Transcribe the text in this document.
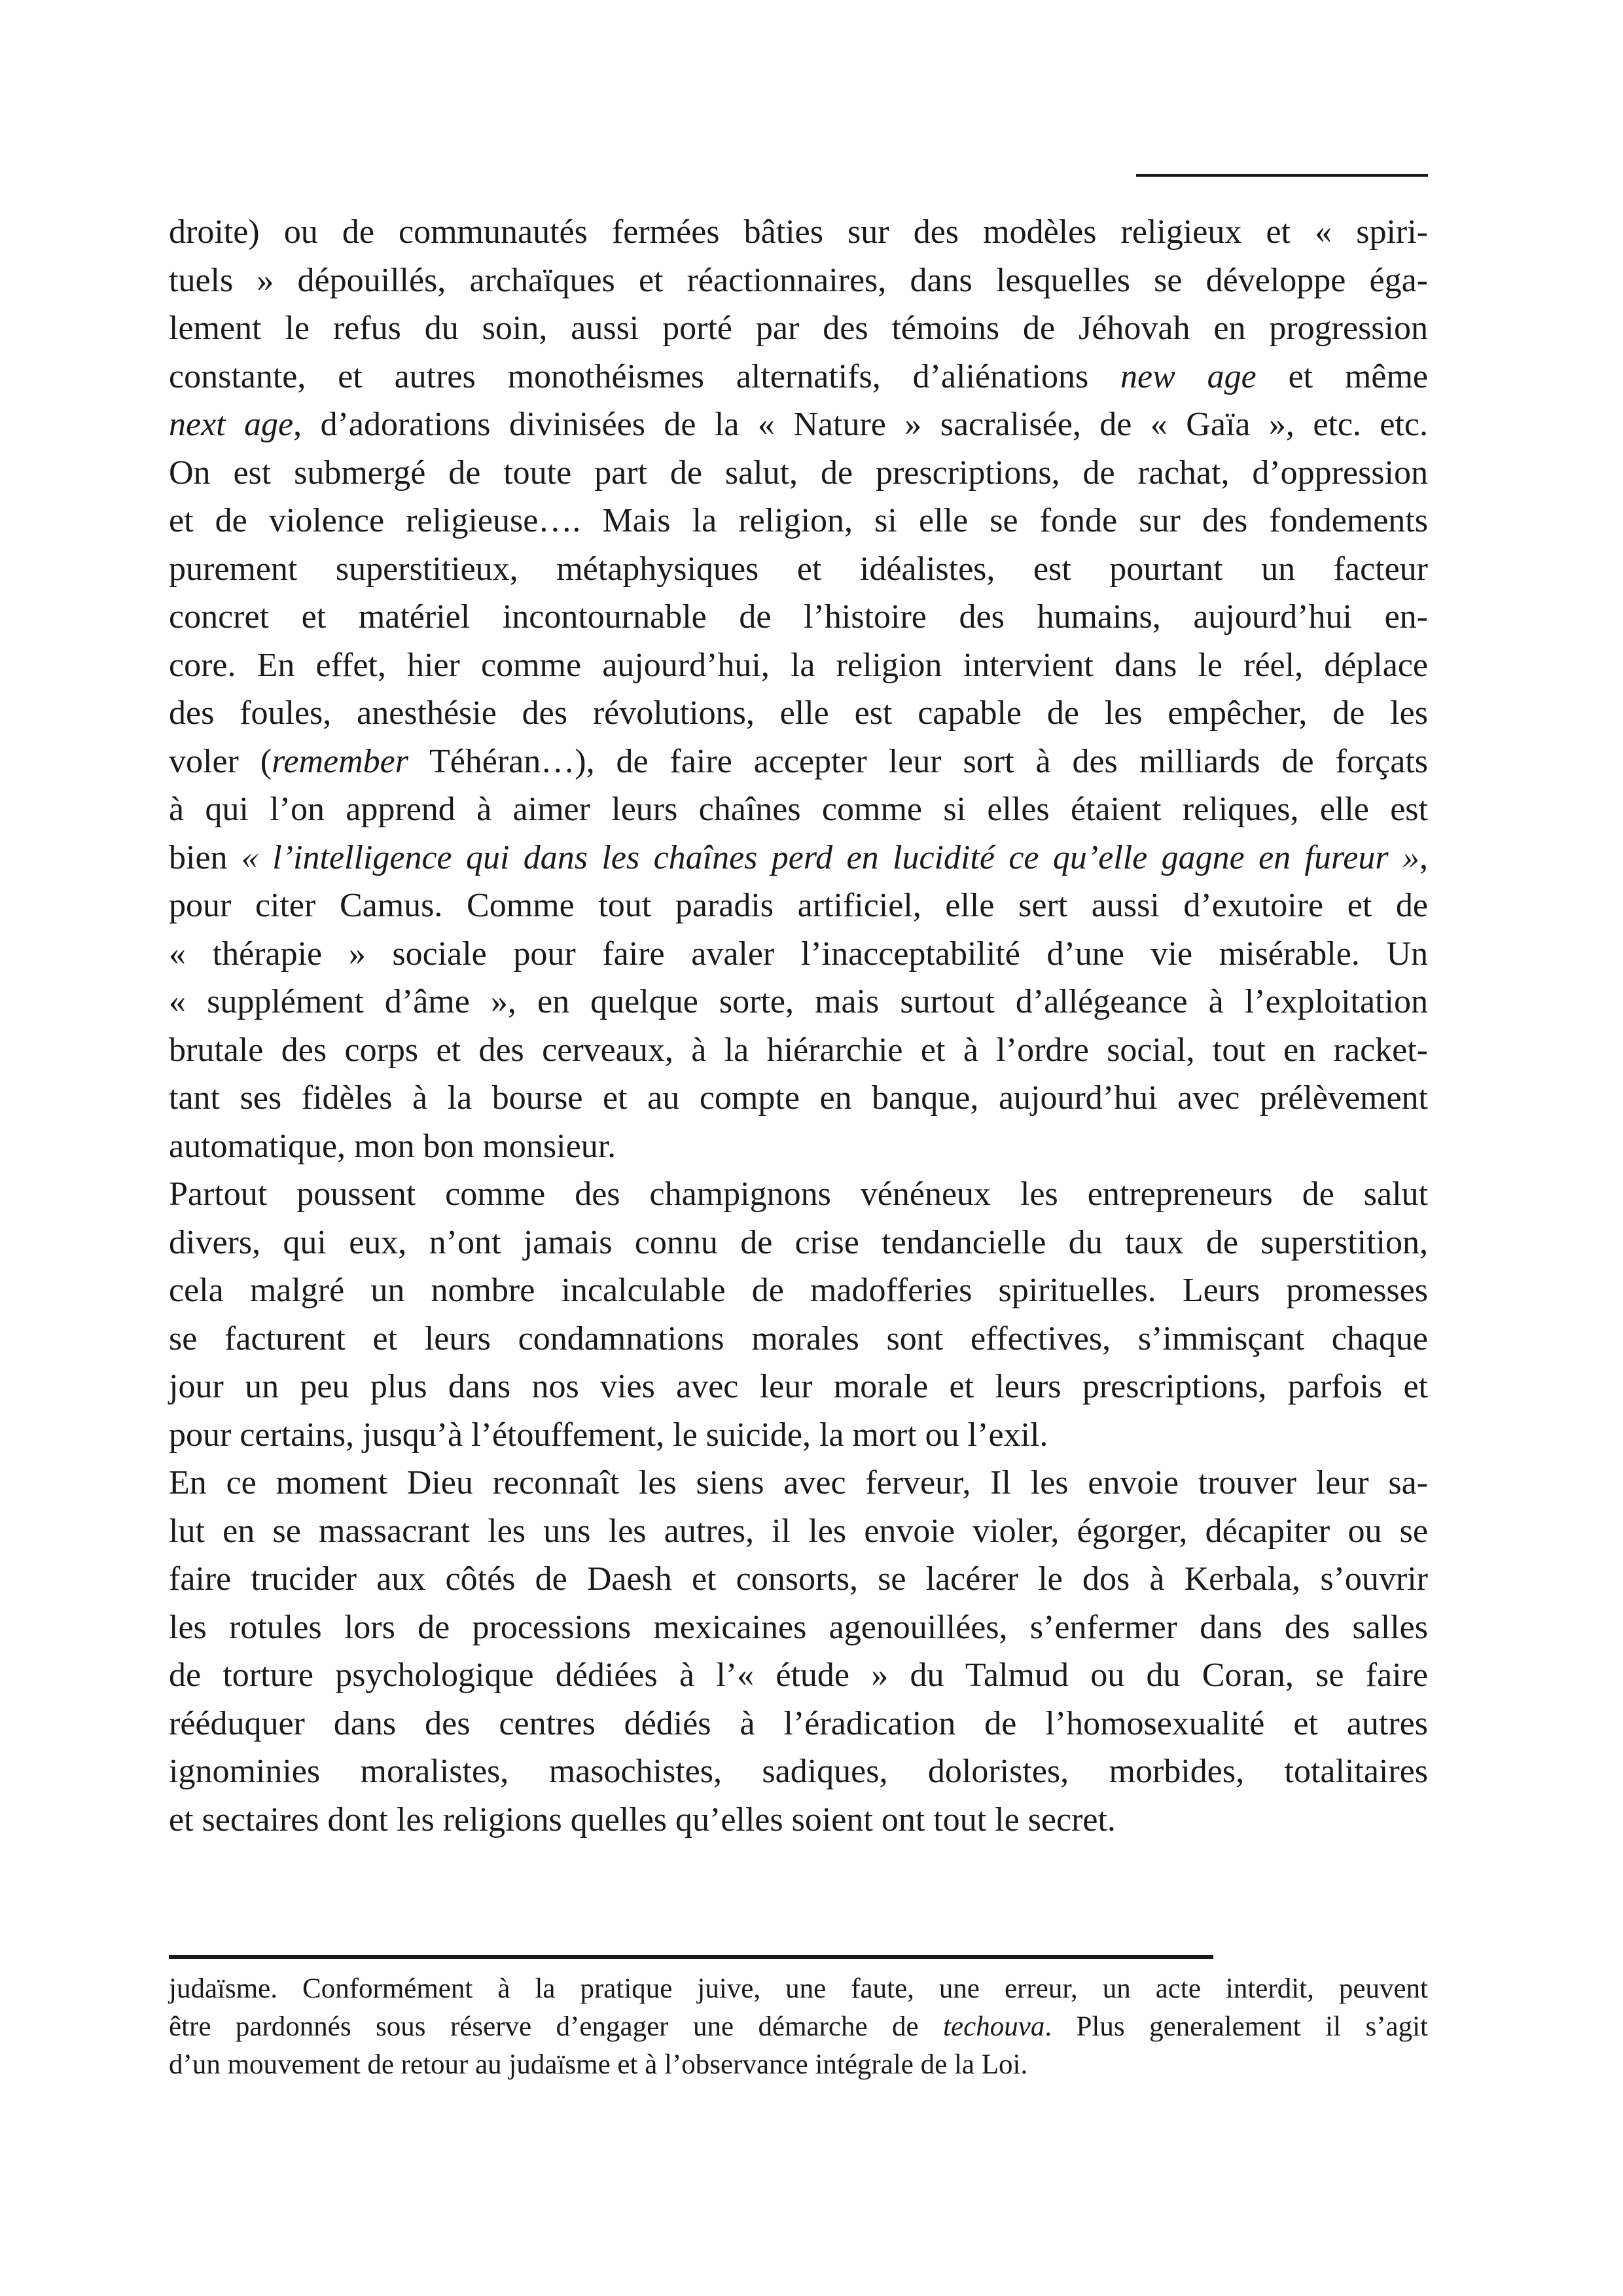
droite) ou de communautés fermées bâties sur des modèles religieux et « spiri-
tuels » dépouillés, archaïques et réactionnaires, dans lesquelles se développe éga-
lement le refus du soin, aussi porté par des témoins de Jéhovah en progression
constante, et autres monothéismes alternatifs, d’aliénations new age et même
next age, d’adorations divinisées de la « Nature » sacralisée, de « Gaïa », etc. etc.
On est submergé de toute part de salut, de prescriptions, de rachat, d’oppression
et de violence religieuse…. Mais la religion, si elle se fonde sur des fondements
purement superstitieux, métaphysiques et idéalistes, est pourtant un facteur
concret et matériel incontournable de l’histoire des humains, aujourd’hui en-
core. En effet, hier comme aujourd’hui, la religion intervient dans le réel, déplace
des foules, anesthésie des révolutions, elle est capable de les empêcher, de les
voler (remember Téhéran…), de faire accepter leur sort à des milliards de forçats
à qui l’on apprend à aimer leurs chaînes comme si elles étaient reliques, elle est
bien « l’intelligence qui dans les chaînes perd en lucidité ce qu’elle gagne en fureur »,
pour citer Camus. Comme tout paradis artificiel, elle sert aussi d’exutoire et de
« thérapie » sociale pour faire avaler l’inacceptabilité d’une vie misérable. Un
« supplément d’âme », en quelque sorte, mais surtout d’allégeance à l’exploitation
brutale des corps et des cerveaux, à la hiérarchie et à l’ordre social, tout en racket-
tant ses fidèles à la bourse et au compte en banque, aujourd’hui avec prélèvement
automatique, mon bon monsieur.
Partout poussent comme des champignons vénéneux les entrepreneurs de salut
divers, qui eux, n’ont jamais connu de crise tendancielle du taux de superstition,
cela malgré un nombre incalculable de madofferies spirituelles. Leurs promesses
se facturent et leurs condamnations morales sont effectives, s’immisçant chaque
jour un peu plus dans nos vies avec leur morale et leurs prescriptions, parfois et
pour certains, jusqu’à l’étouffement, le suicide, la mort ou l’exil.
En ce moment Dieu reconnaît les siens avec ferveur, Il les envoie trouver leur sa-
lut en se massacrant les uns les autres, il les envoie violer, égorger, décapiter ou se
faire trucider aux côtés de Daesh et consorts, se lacérer le dos à Kerbala, s’ouvrir
les rotules lors de processions mexicaines agenouillées, s’enfermer dans des salles
de torture psychologique dédiées à l’« étude » du Talmud ou du Coran, se faire
rééduquer dans des centres dédiés à l’éradication de l’homosexualité et autres
ignominies moralistes, masochistes, sadiques, doloristes, morbides, totalitaires
et sectaires dont les religions quelles qu’elles soient ont tout le secret.
judaïsme. Conformément à la pratique juive, une faute, une erreur, un acte interdit, peuvent
être pardonnés sous réserve d’engager une démarche de techouva. Plus generalement il s’agit
d’un mouvement de retour au judaïsme et à l’observance intégrale de la Loi.
